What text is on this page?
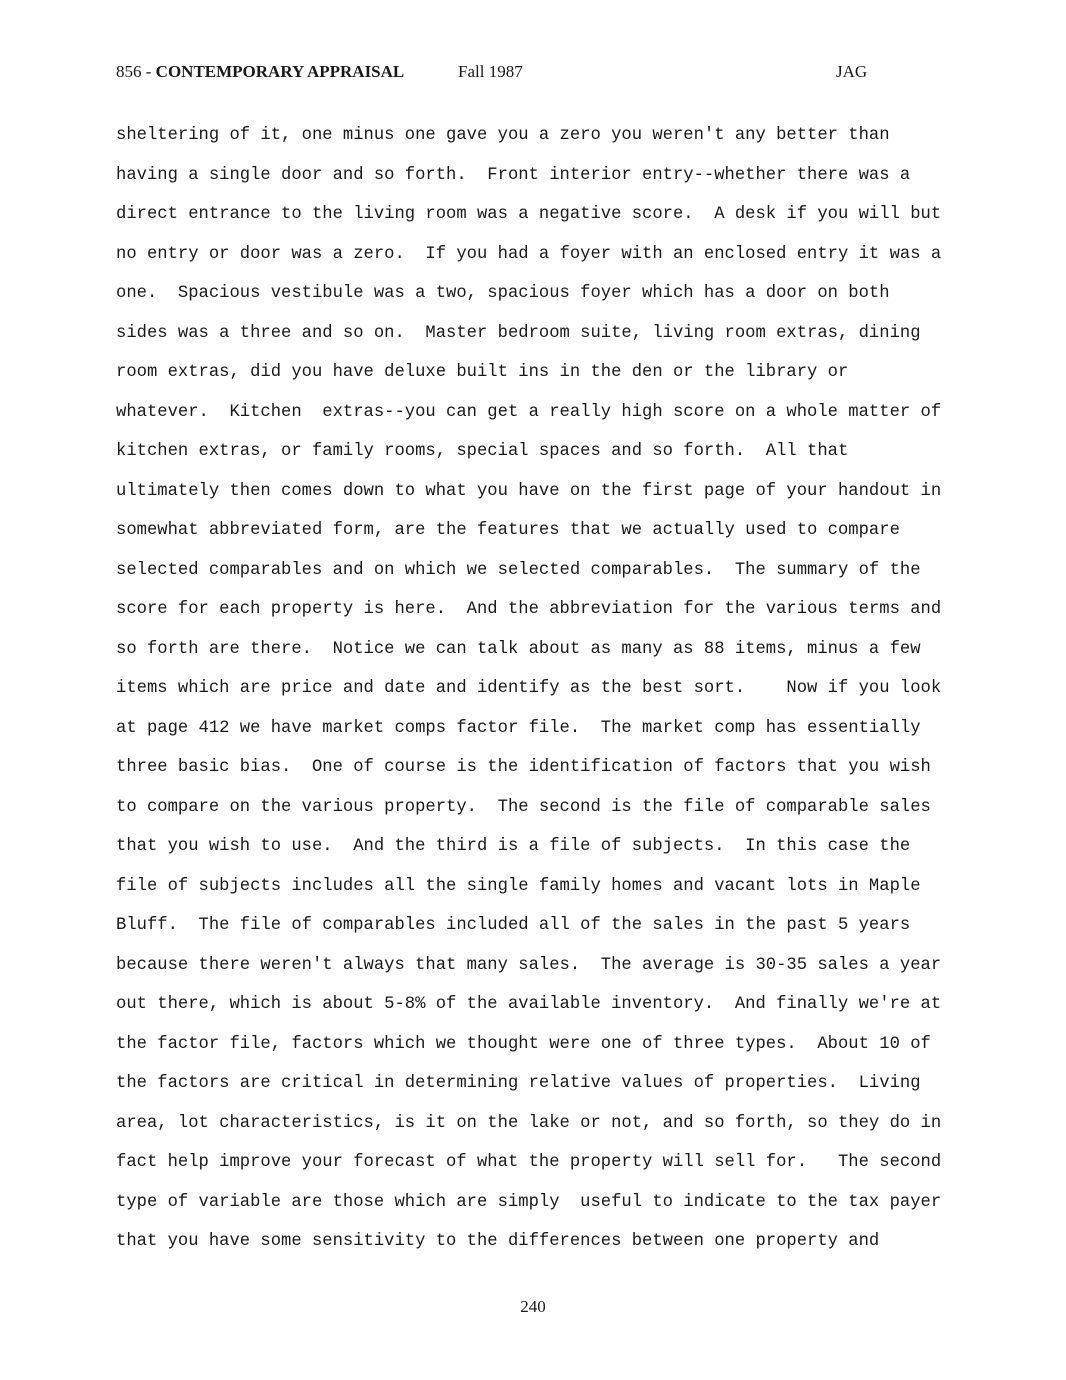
856 - CONTEMPORARY APPRAISAL	Fall 1987	JAG
sheltering of it, one minus one gave you a zero you weren't any better than
having a single door and so forth.  Front interior entry--whether there was a
direct entrance to the living room was a negative score.  A desk if you will but
no entry or door was a zero.  If you had a foyer with an enclosed entry it was a
one.  Spacious vestibule was a two, spacious foyer which has a door on both
sides was a three and so on.  Master bedroom suite, living room extras, dining
room extras, did you have deluxe built ins in the den or the library or
whatever.  Kitchen  extras--you can get a really high score on a whole matter of
kitchen extras, or family rooms, special spaces and so forth.  All that
ultimately then comes down to what you have on the first page of your handout in
somewhat abbreviated form, are the features that we actually used to compare
selected comparables and on which we selected comparables.  The summary of the
score for each property is here.  And the abbreviation for the various terms and
so forth are there.  Notice we can talk about as many as 88 items, minus a few
items which are price and date and identify as the best sort.    Now if you look
at page 412 we have market comps factor file.  The market comp has essentially
three basic bias.  One of course is the identification of factors that you wish
to compare on the various property.  The second is the file of comparable sales
that you wish to use.  And the third is a file of subjects.  In this case the
file of subjects includes all the single family homes and vacant lots in Maple
Bluff.  The file of comparables included all of the sales in the past 5 years
because there weren't always that many sales.  The average is 30-35 sales a year
out there, which is about 5-8% of the available inventory.  And finally we're at
the factor file, factors which we thought were one of three types.  About 10 of
the factors are critical in determining relative values of properties.  Living
area, lot characteristics, is it on the lake or not, and so forth, so they do in
fact help improve your forecast of what the property will sell for.   The second
type of variable are those which are simply  useful to indicate to the tax payer
that you have some sensitivity to the differences between one property and
240
